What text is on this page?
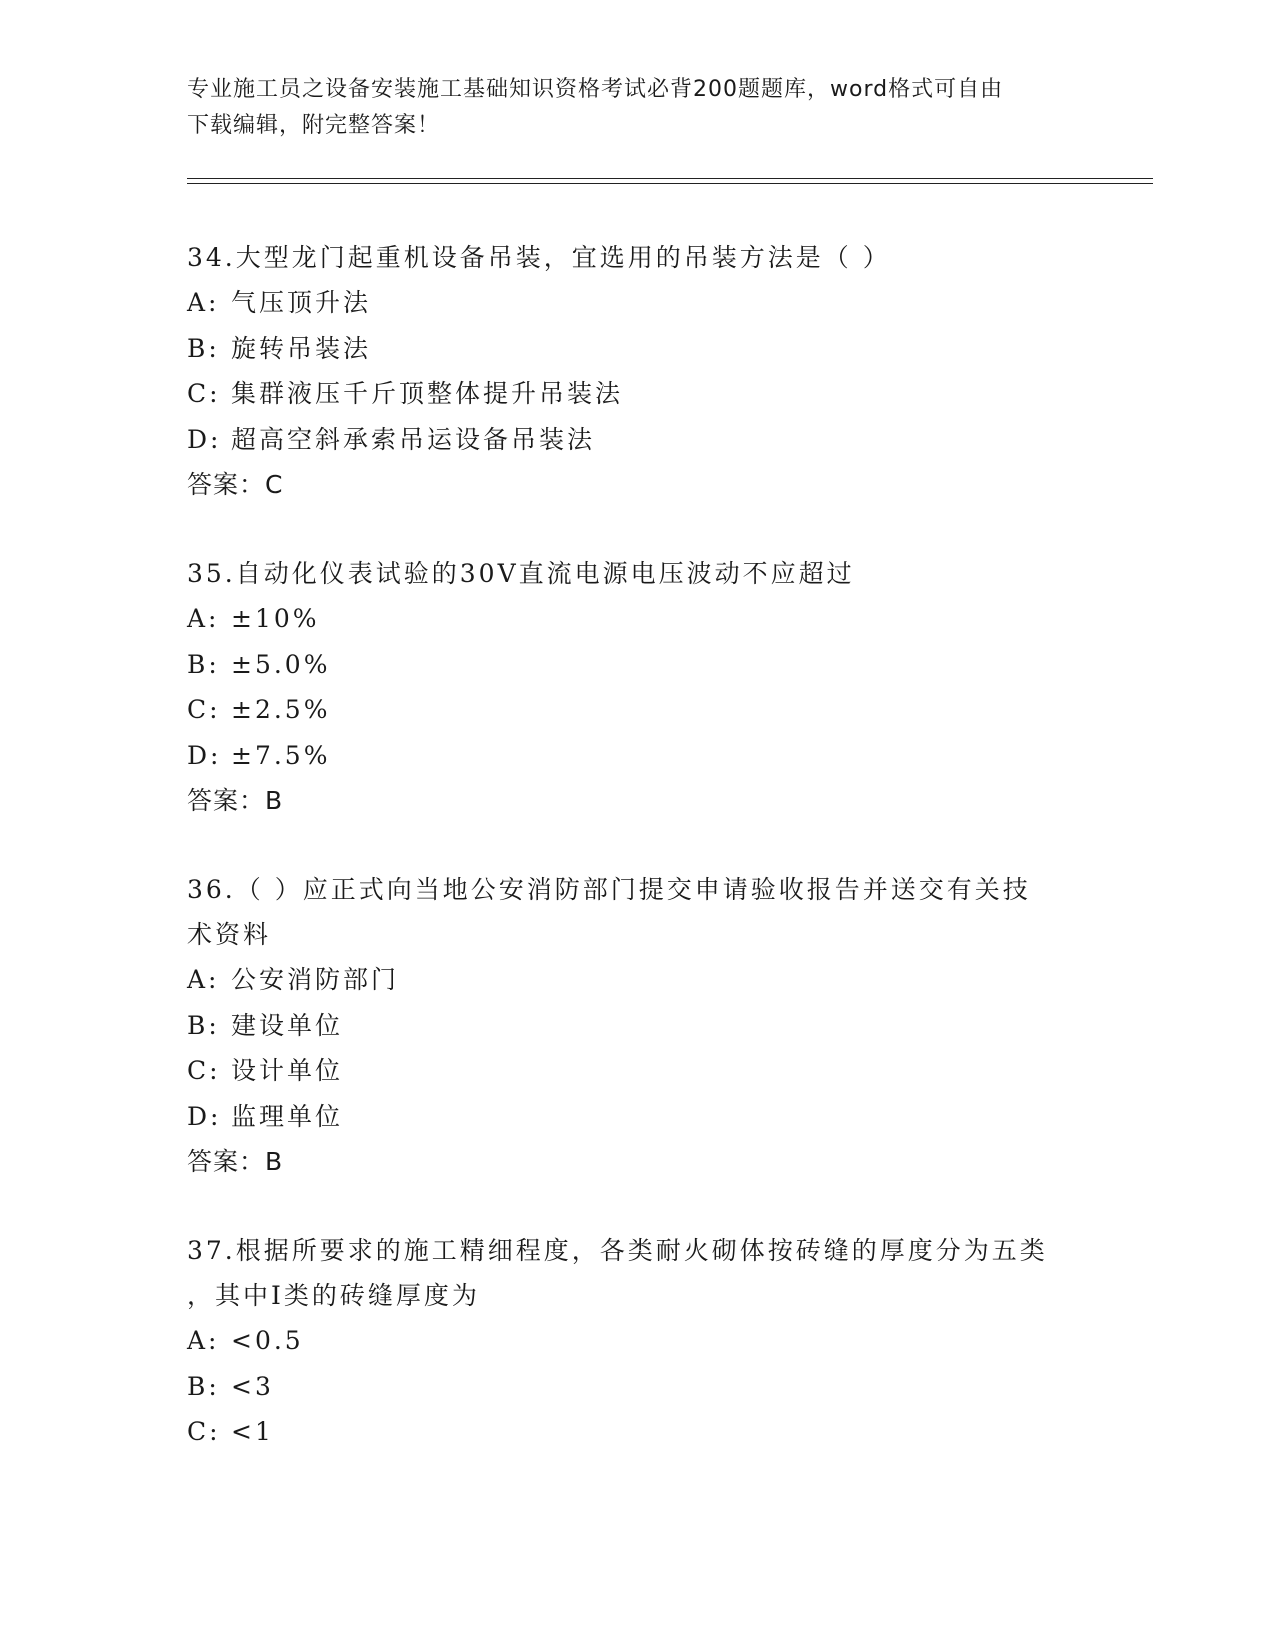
专业施工员之设备安装施工基础知识资格考试必背200题题库，word格式可自由
下载编辑，附完整答案！
34.大型龙门起重机设备吊装，宜选用的吊装方法是（ ）
A: 气压顶升法
B: 旋转吊装法
C: 集群液压千斤顶整体提升吊装法
D: 超高空斜承索吊运设备吊装法
答案：C
35.自动化仪表试验的30V直流电源电压波动不应超过
A: ±10%
B: ±5.0%
C: ±2.5%
D: ±7.5%
答案：B
36.（ ）应正式向当地公安消防部门提交申请验收报告并送交有关技
术资料
A: 公安消防部门
B: 建设单位
C: 设计单位
D: 监理单位
答案：B
37.根据所要求的施工精细程度，各类耐火砌体按砖缝的厚度分为五类
，其中Ⅰ类的砖缝厚度为
A: <0.5
B: <3
C: <1
